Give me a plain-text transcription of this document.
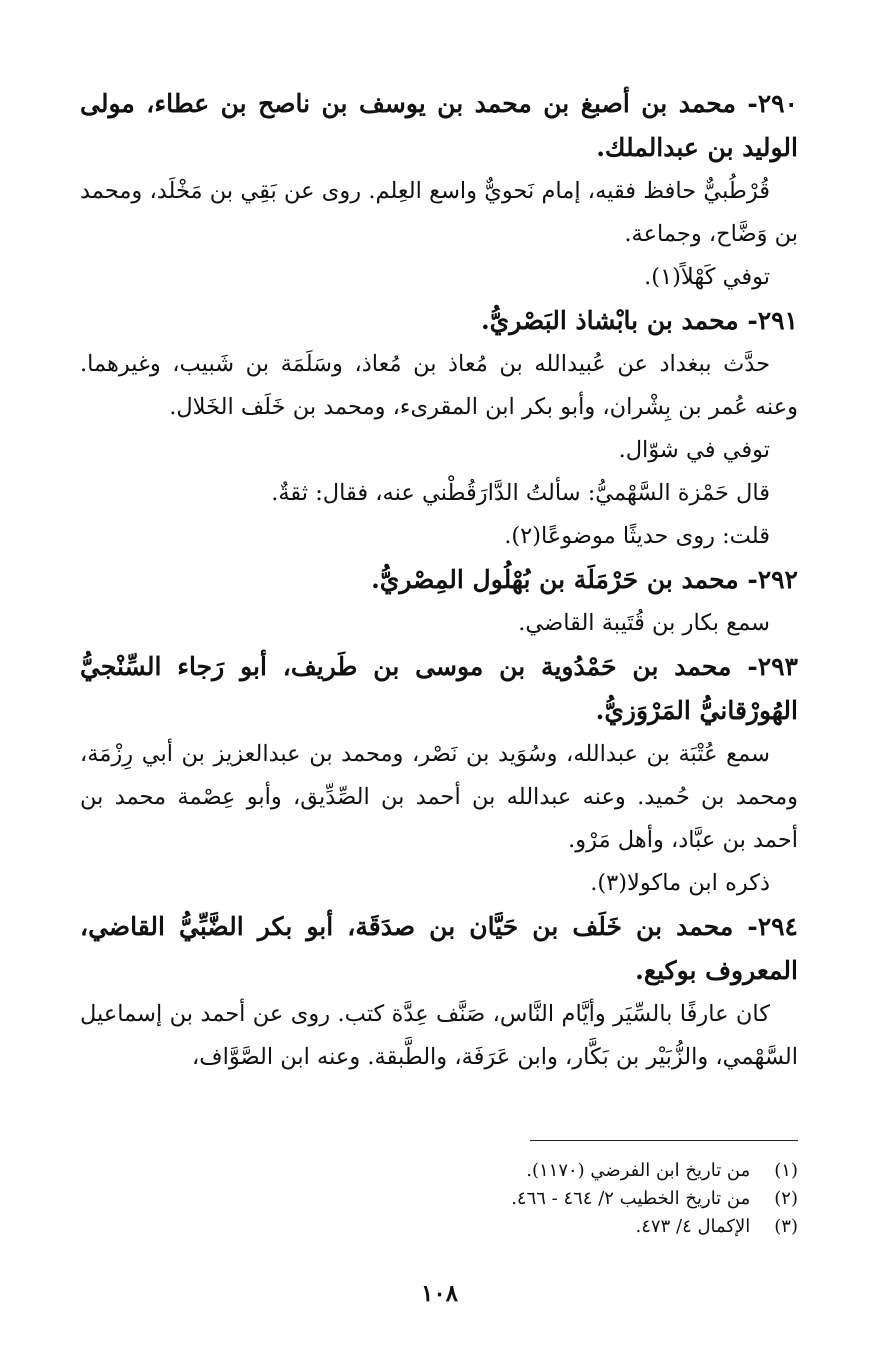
٢٩٠- محمد بن أصبغ بن محمد بن يوسف بن ناصح بن عطاء، مولى الوليد بن عبدالملك.

قُرْطُبيٌّ حافظ فقيه، إمام نَحويٌّ واسع العِلم. روى عن بَقِي بن مَخْلَد، ومحمد بن وَضَّاح، وجماعة.

توفي كَهْلاً(١).

٢٩١- محمد بن بابْشاذ البَصْريُّ.

حدَّث ببغداد عن عُبيدالله بن مُعاذ بن مُعاذ، وسَلَمَة بن شَبيب، وغيرهما. وعنه عُمر بن بِشْران، وأبو بكر ابن المقرىء، ومحمد بن خَلَف الخَلال.

توفي في شوّال.

قال حَمْزة السَّهْميُّ: سألتُ الدَّارَقُطْني عنه، فقال: ثقةٌ.

قلت: روى حديثًا موضوعًا(٢).

٢٩٢- محمد بن حَرْمَلَة بن بُهْلُول المِصْريُّ.

سمع بكار بن قُتَيبة القاضي.

٢٩٣- محمد بن حَمْدُوية بن موسى بن طَريف، أبو رَجاء السِّنْجيُّ الهُورْقانيُّ المَرْوَزيُّ.

سمع عُتْبَة بن عبدالله، وسُوَيد بن نَصْر، ومحمد بن عبدالعزيز بن أبي رِزْمَة، ومحمد بن حُميد. وعنه عبدالله بن أحمد بن الصِّدِّيق، وأبو عِصْمة محمد بن أحمد بن عبَّاد، وأهل مَرْو.

ذكره ابن ماكولا(٣).

٢٩٤- محمد بن خَلَف بن حَيَّان بن صدَقَة، أبو بكر الضَّبِّيُّ القاضي، المعروف بوكيع.

كان عارفًا بالسِّيَر وأيَّام النَّاس، صَنَّف عِدَّة كتب. روى عن أحمد بن إسماعيل السَّهْمي، والزُّبَيْر بن بَكَّار، وابن عَرَفَة، والطَّبقة. وعنه ابن الصَّوَّاف،

(١) من تاريخ ابن الفرضي (١١٧٠).

(٢) من تاريخ الخطيب ٢/ ٤٦٤ - ٤٦٦.

(٣) الإكمال ٤/ ٤٧٣.

١٠٨
